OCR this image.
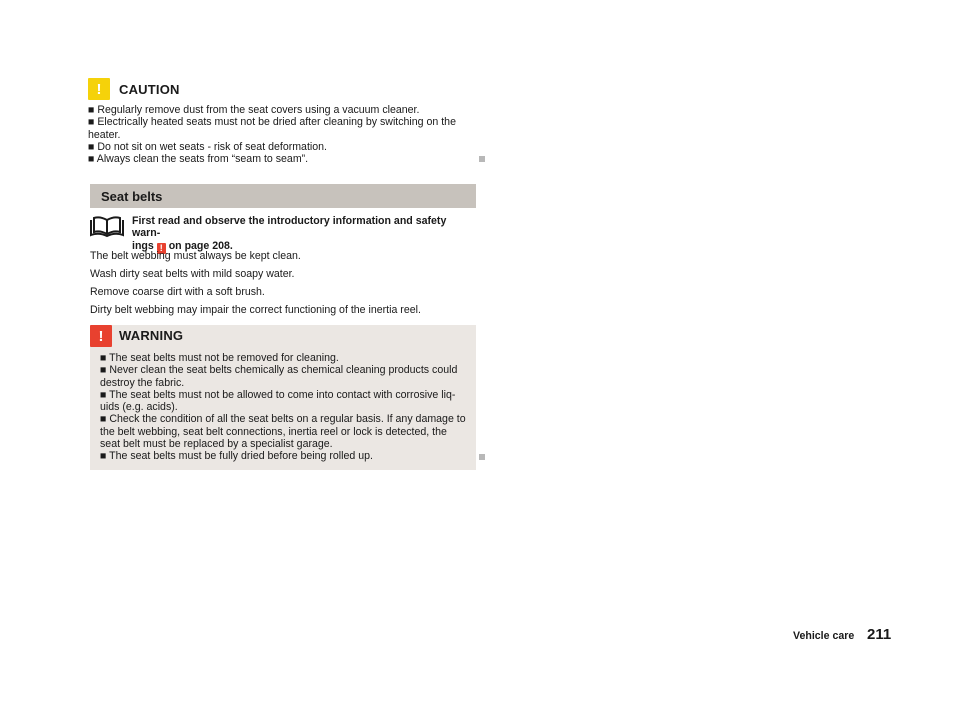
!	CAUTION
■ Regularly remove dust from the seat covers using a vacuum cleaner.
■ Electrically heated seats must not be dried after cleaning by switching on the
heater.
■ Do not sit on wet seats - risk of seat deformation.
■ Always clean the seats from “seam to seam”.
Seat belts
First read and observe the introductory information and safety warn-
ings ! on page 208.
The belt webbing must always be kept clean.
Wash dirty seat belts with mild soapy water.
Remove coarse dirt with a soft brush.
Dirty belt webbing may impair the correct functioning of the inertia reel.
!	WARNING
■ The seat belts must not be removed for cleaning.
■ Never clean the seat belts chemically as chemical cleaning products could
destroy the fabric.
■ The seat belts must not be allowed to come into contact with corrosive liq-
uids (e.g. acids).
■ Check the condition of all the seat belts on a regular basis. If any damage to
the belt webbing, seat belt connections, inertia reel or lock is detected, the
seat belt must be replaced by a specialist garage.
■ The seat belts must be fully dried before being rolled up.
Vehicle care 211
